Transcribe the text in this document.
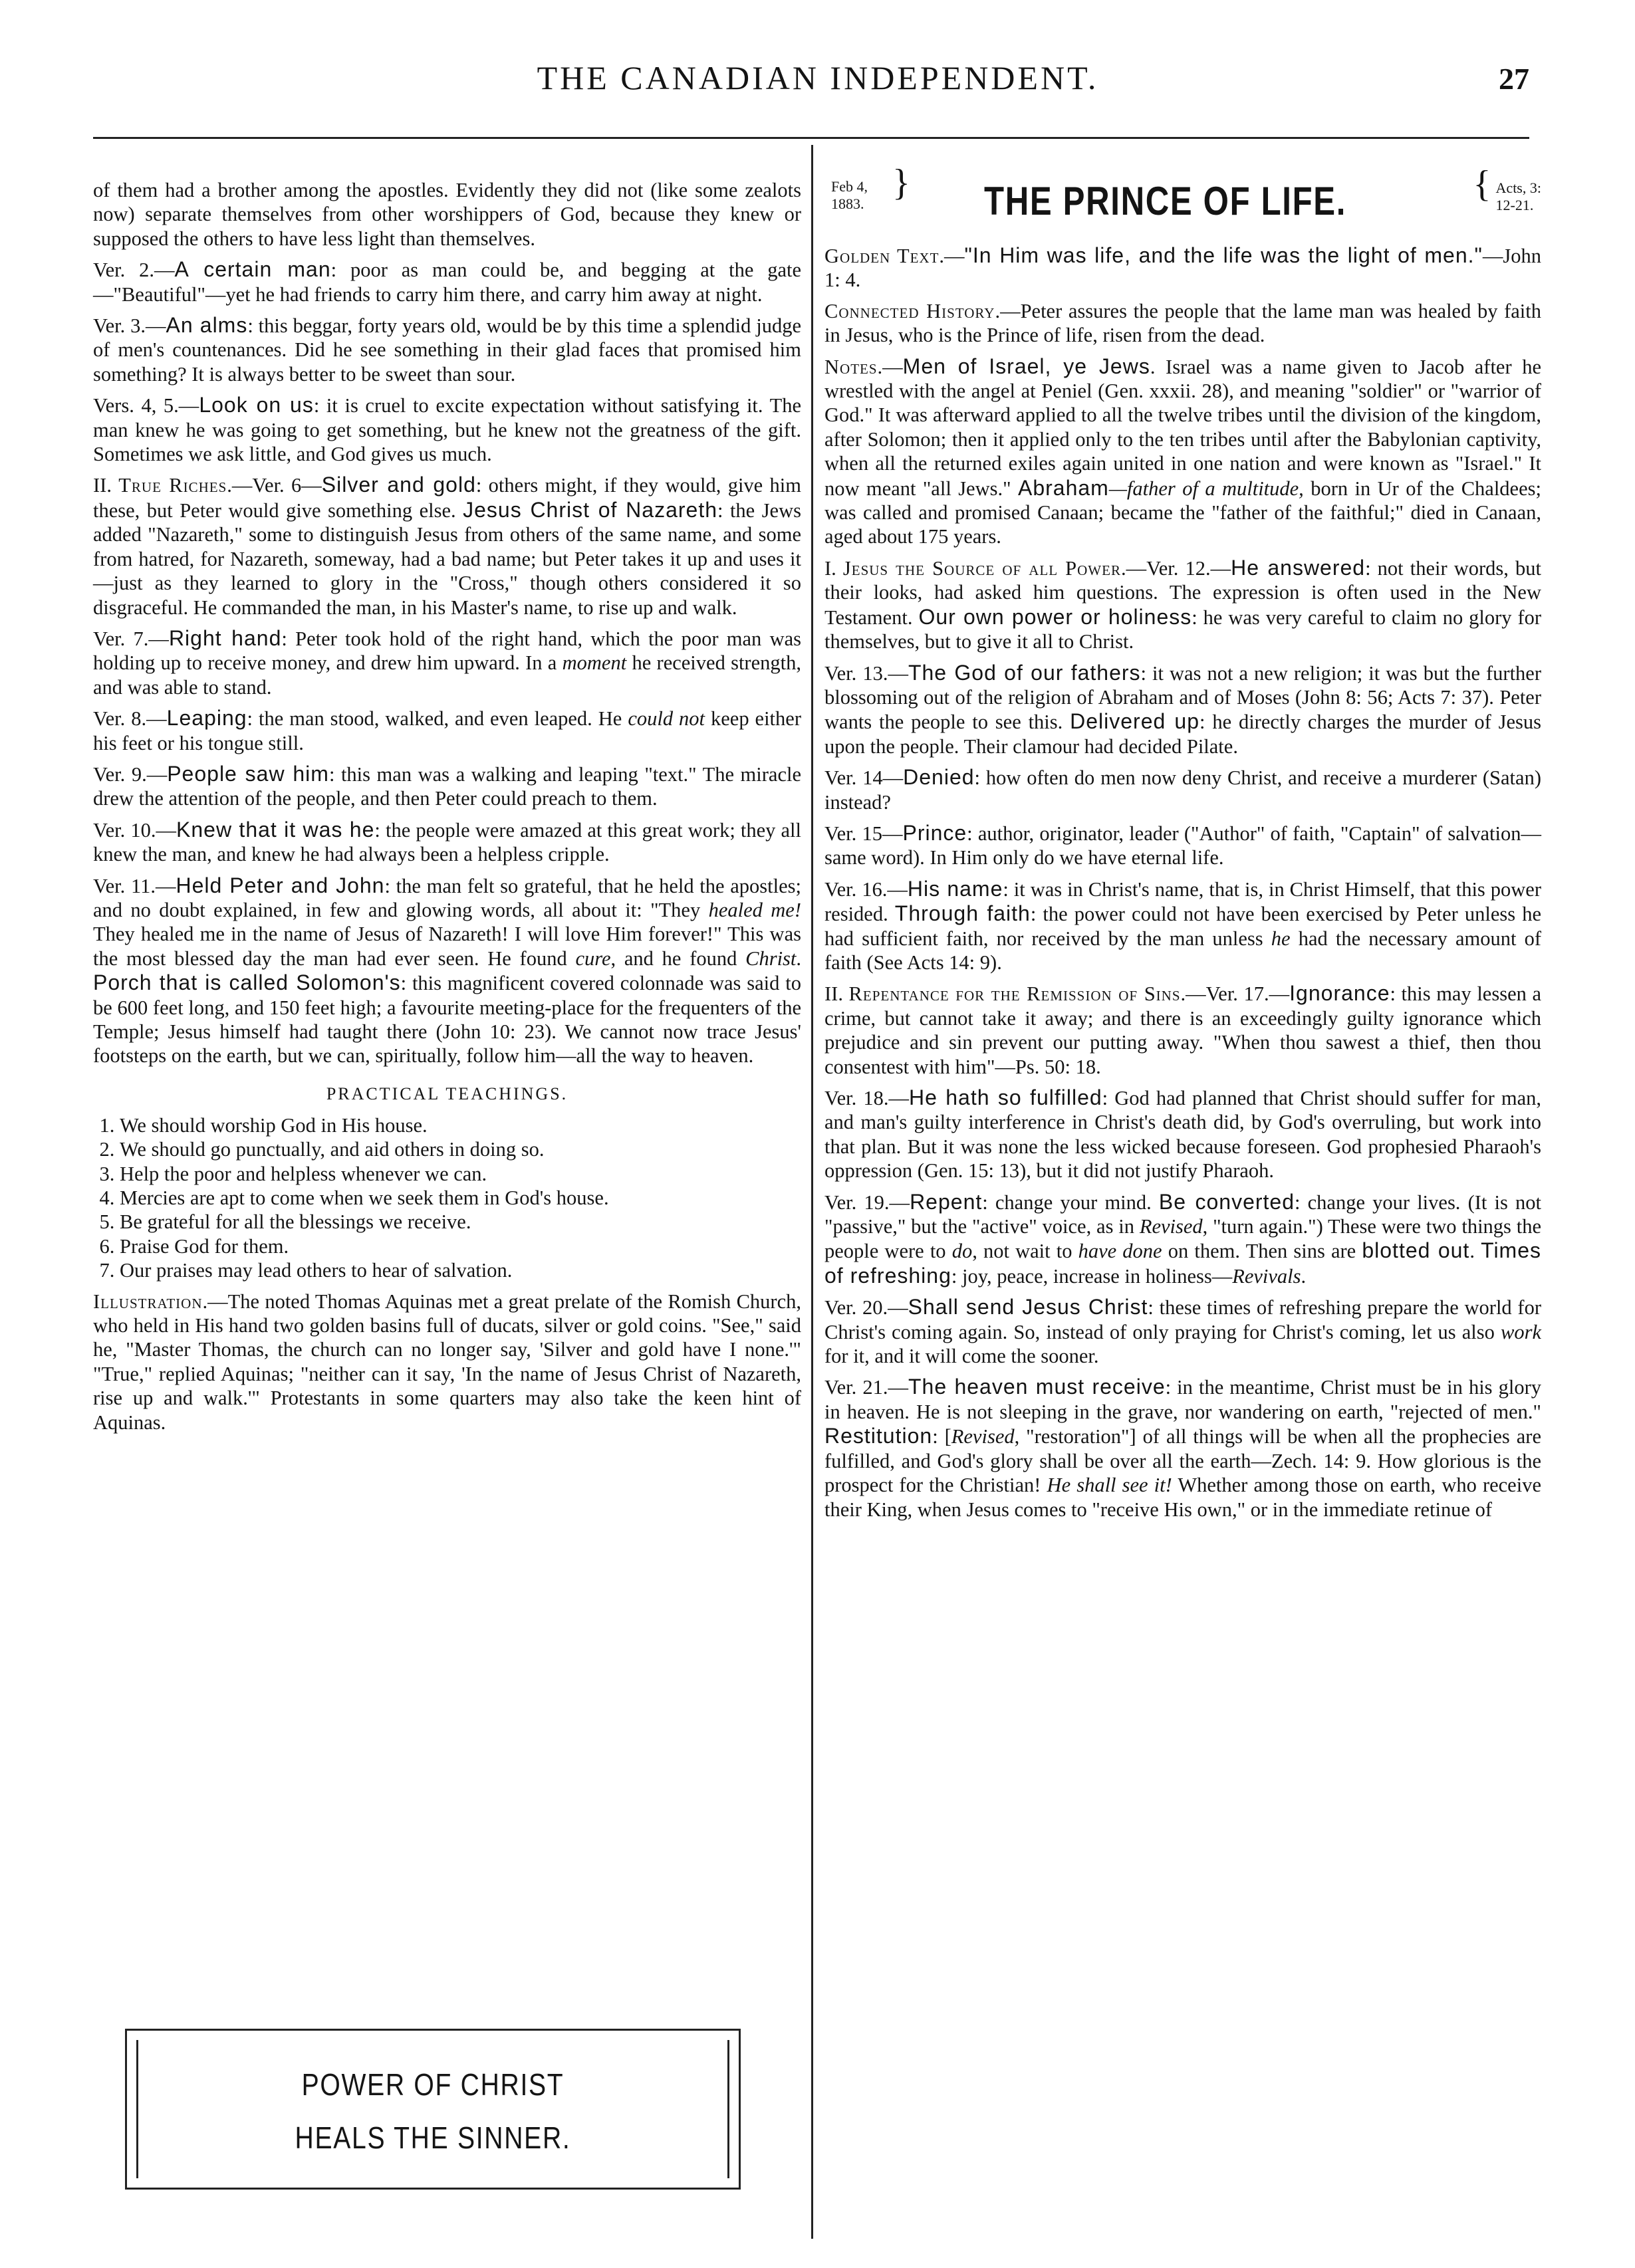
THE CANADIAN INDEPENDENT.	27

of them had a brother among the apostles. Evidently they did not (like some zealots now) separate themselves from other worshippers of God, because they knew or supposed the others to have less light than themselves.

Ver. 2.—A certain man: poor as man could be, and begging at the gate—"Beautiful"—yet he had friends to carry him there, and carry him away at night.

Ver. 3.—An alms: this beggar, forty years old, would be by this time a splendid judge of men's countenances. Did he see something in their glad faces that promised him something? It is always better to be sweet than sour.

Vers. 4, 5.—Look on us: it is cruel to excite expectation without satisfying it. The man knew he was going to get something, but he knew not the greatness of the gift. Sometimes we ask little, and God gives us much.

II. True Riches.—Ver. 6—Silver and gold: others might, if they would, give him these, but Peter would give something else. Jesus Christ of Nazareth: the Jews added "Nazareth," some to distinguish Jesus from others of the same name, and some from hatred, for Nazareth, someway, had a bad name; but Peter takes it up and uses it—just as they learned to glory in the "Cross," though others considered it so disgraceful. He commanded the man, in his Master's name, to rise up and walk.

Ver. 7.—Right hand: Peter took hold of the right hand, which the poor man was holding up to receive money, and drew him upward. In a moment he received strength, and was able to stand.

Ver. 8.—Leaping: the man stood, walked, and even leaped. He could not keep either his feet or his tongue still.

Ver. 9.—People saw him: this man was a walking and leaping "text." The miracle drew the attention of the people, and then Peter could preach to them.

Ver. 10.—Knew that it was he: the people were amazed at this great work; they all knew the man, and knew he had always been a helpless cripple.

Ver. 11.—Held Peter and John: the man felt so grateful, that he held the apostles; and no doubt explained, in few and glowing words, all about it: "They healed me! They healed me in the name of Jesus of Nazareth! I will love Him forever!" This was the most blessed day the man had ever seen. He found cure, and he found Christ. Porch that is called Solomon's: this magnificent covered colonnade was said to be 600 feet long, and 150 feet high; a favourite meeting-place for the frequenters of the Temple; Jesus himself had taught there (John 10: 23). We cannot now trace Jesus' footsteps on the earth, but we can, spiritually, follow him—all the way to heaven.

PRACTICAL TEACHINGS.
1. We should worship God in His house.
2. We should go punctually, and aid others in doing so.
3. Help the poor and helpless whenever we can.
4. Mercies are apt to come when we seek them in God's house.
5. Be grateful for all the blessings we receive.
6. Praise God for them.
7. Our praises may lead others to hear of salvation.

Illustration.—The noted Thomas Aquinas met a great prelate of the Romish Church, who held in His hand two golden basins full of ducats, silver or gold coins. "See," said he, "Master Thomas, the church can no longer say, 'Silver and gold have I none.'" "True," replied Aquinas; "neither can it say, 'In the name of Jesus Christ of Nazareth, rise up and walk.'" Protestants in some quarters may also take the keen hint of Aquinas.

POWER OF CHRIST
HEALS THE SINNER.
Feb 4,
1883.
} THE PRINCE OF LIFE.	{ Acts, 3:
12-21.

Golden Text.—"In Him was life, and the life was the light of men."—John 1: 4.

Connected History.—Peter assures the people that the lame man was healed by faith in Jesus, who is the Prince of life, risen from the dead.

Notes.—Men of Israel, ye Jews. Israel was a name given to Jacob after he wrestled with the angel at Peniel (Gen. xxxii. 28), and meaning "soldier" or "warrior of God." It was afterward applied to all the twelve tribes until the division of the kingdom, after Solomon; then it applied only to the ten tribes until after the Babylonian captivity, when all the returned exiles again united in one nation and were known as "Israel." It now meant "all Jews." Abraham—father of a multitude, born in Ur of the Chaldees; was called and promised Canaan; became the "father of the faithful;" died in Canaan, aged about 175 years.

I. Jesus the Source of all Power.—Ver. 12.—He answered: not their words, but their looks, had asked him questions. The expression is often used in the New Testament. Our own power or holiness: he was very careful to claim no glory for themselves, but to give it all to Christ.

Ver. 13.—The God of our fathers: it was not a new religion; it was but the further blossoming out of the religion of Abraham and of Moses (John 8: 56; Acts 7: 37). Peter wants the people to see this. Delivered up: he directly charges the murder of Jesus upon the people. Their clamour had decided Pilate.

Ver. 14—Denied: how often do men now deny Christ, and receive a murderer (Satan) instead?

Ver. 15—Prince: author, originator, leader ("Author" of faith, "Captain" of salvation—same word). In Him only do we have eternal life.

Ver. 16.—His name: it was in Christ's name, that is, in Christ Himself, that this power resided. Through faith: the power could not have been exercised by Peter unless he had sufficient faith, nor received by the man unless he had the necessary amount of faith (See Acts 14: 9).

II. Repentance for the Remission of Sins.—Ver. 17.—Ignorance: this may lessen a crime, but cannot take it away; and there is an exceedingly guilty ignorance which prejudice and sin prevent our putting away. "When thou sawest a thief, then thou consentest with him"—Ps. 50: 18.

Ver. 18.—He hath so fulfilled: God had planned that Christ should suffer for man, and man's guilty interference in Christ's death did, by God's overruling, but work into that plan. But it was none the less wicked because foreseen. God prophesied Pharaoh's oppression (Gen. 15: 13), but it did not justify Pharaoh.

Ver. 19.—Repent: change your mind. Be converted: change your lives. (It is not "passive," but the "active" voice, as in Revised, "turn again.") These were two things the people were to do, not wait to have done on them. Then sins are blotted out. Times of refreshing: joy, peace, increase in holiness—Revivals.

Ver. 20.—Shall send Jesus Christ: these times of refreshing prepare the world for Christ's coming again. So, instead of only praying for Christ's coming, let us also work for it, and it will come the sooner.

Ver. 21.—The heaven must receive: in the meantime, Christ must be in his glory in heaven. He is not sleeping in the grave, nor wandering on earth, "rejected of men." Restitution: [Revised, "restoration"] of all things will be when all the prophecies are fulfilled, and God's glory shall be over all the earth—Zech. 14: 9. How glorious is the prospect for the Christian! He shall see it! Whether among those on earth, who receive their King, when Jesus comes to "receive His own," or in the immediate retinue of
